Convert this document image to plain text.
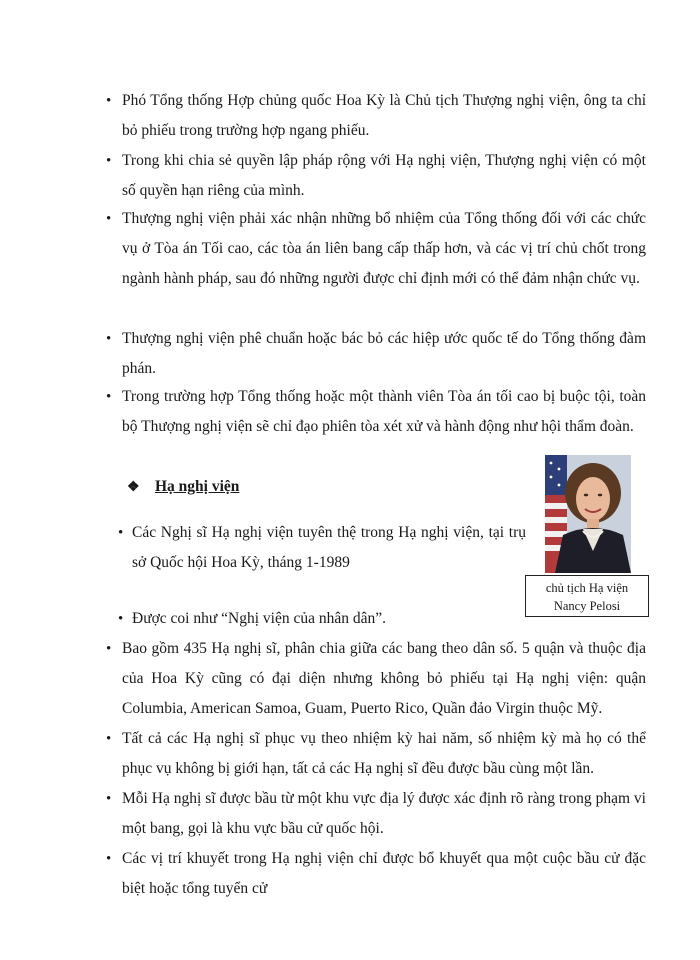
• Phó Tổng thống Hợp chủng quốc Hoa Kỳ là Chủ tịch Thượng nghị viện, ông ta chỉ bỏ phiếu trong trường hợp ngang phiếu.
• Trong khi chia sẻ quyền lập pháp rộng với Hạ nghị viện, Thượng nghị viện có một số quyền hạn riêng của mình.
• Thượng nghị viện phải xác nhận những bổ nhiệm của Tổng thống đối với các chức vụ ở Tòa án Tối cao, các tòa án liên bang cấp thấp hơn, và các vị trí chủ chốt trong ngành hành pháp, sau đó những người được chỉ định mới có thể đảm nhận chức vụ.
• Thượng nghị viện phê chuẩn hoặc bác bỏ các hiệp ước quốc tế do Tổng thống đàm phán.
• Trong trường hợp Tổng thống hoặc một thành viên Tòa án tối cao bị buộc tội, toàn bộ Thượng nghị viện sẽ chỉ đạo phiên tòa xét xử và hành động như hội thẩm đoàn.
❖ Hạ nghị viện
• Các Nghị sĩ Hạ nghị viện tuyên thệ trong Hạ nghị viện, tại trụ sở Quốc hội Hoa Kỳ, tháng 1-1989
• Được coi như “Nghị viện của nhân dân”.
chủ tịch Hạ viện
Nancy Pelosi
• Bao gồm 435 Hạ nghị sĩ, phân chia giữa các bang theo dân số. 5 quận và thuộc địa của Hoa Kỳ cũng có đại diện nhưng không bỏ phiếu tại Hạ nghị viện: quận Columbia, American Samoa, Guam, Puerto Rico, Quần đảo Virgin thuộc Mỹ.
• Tất cả các Hạ nghị sĩ phục vụ theo nhiệm kỳ hai năm, số nhiệm kỳ mà họ có thể phục vụ không bị giới hạn, tất cả các Hạ nghị sĩ đều được bầu cùng một lần.
• Mỗi Hạ nghị sĩ được bầu từ một khu vực địa lý được xác định rõ ràng trong phạm vi một bang, gọi là khu vực bầu cử quốc hội.
• Các vị trí khuyết trong Hạ nghị viện chỉ được bổ khuyết qua một cuộc bầu cử đặc biệt hoặc tổng tuyển cử
